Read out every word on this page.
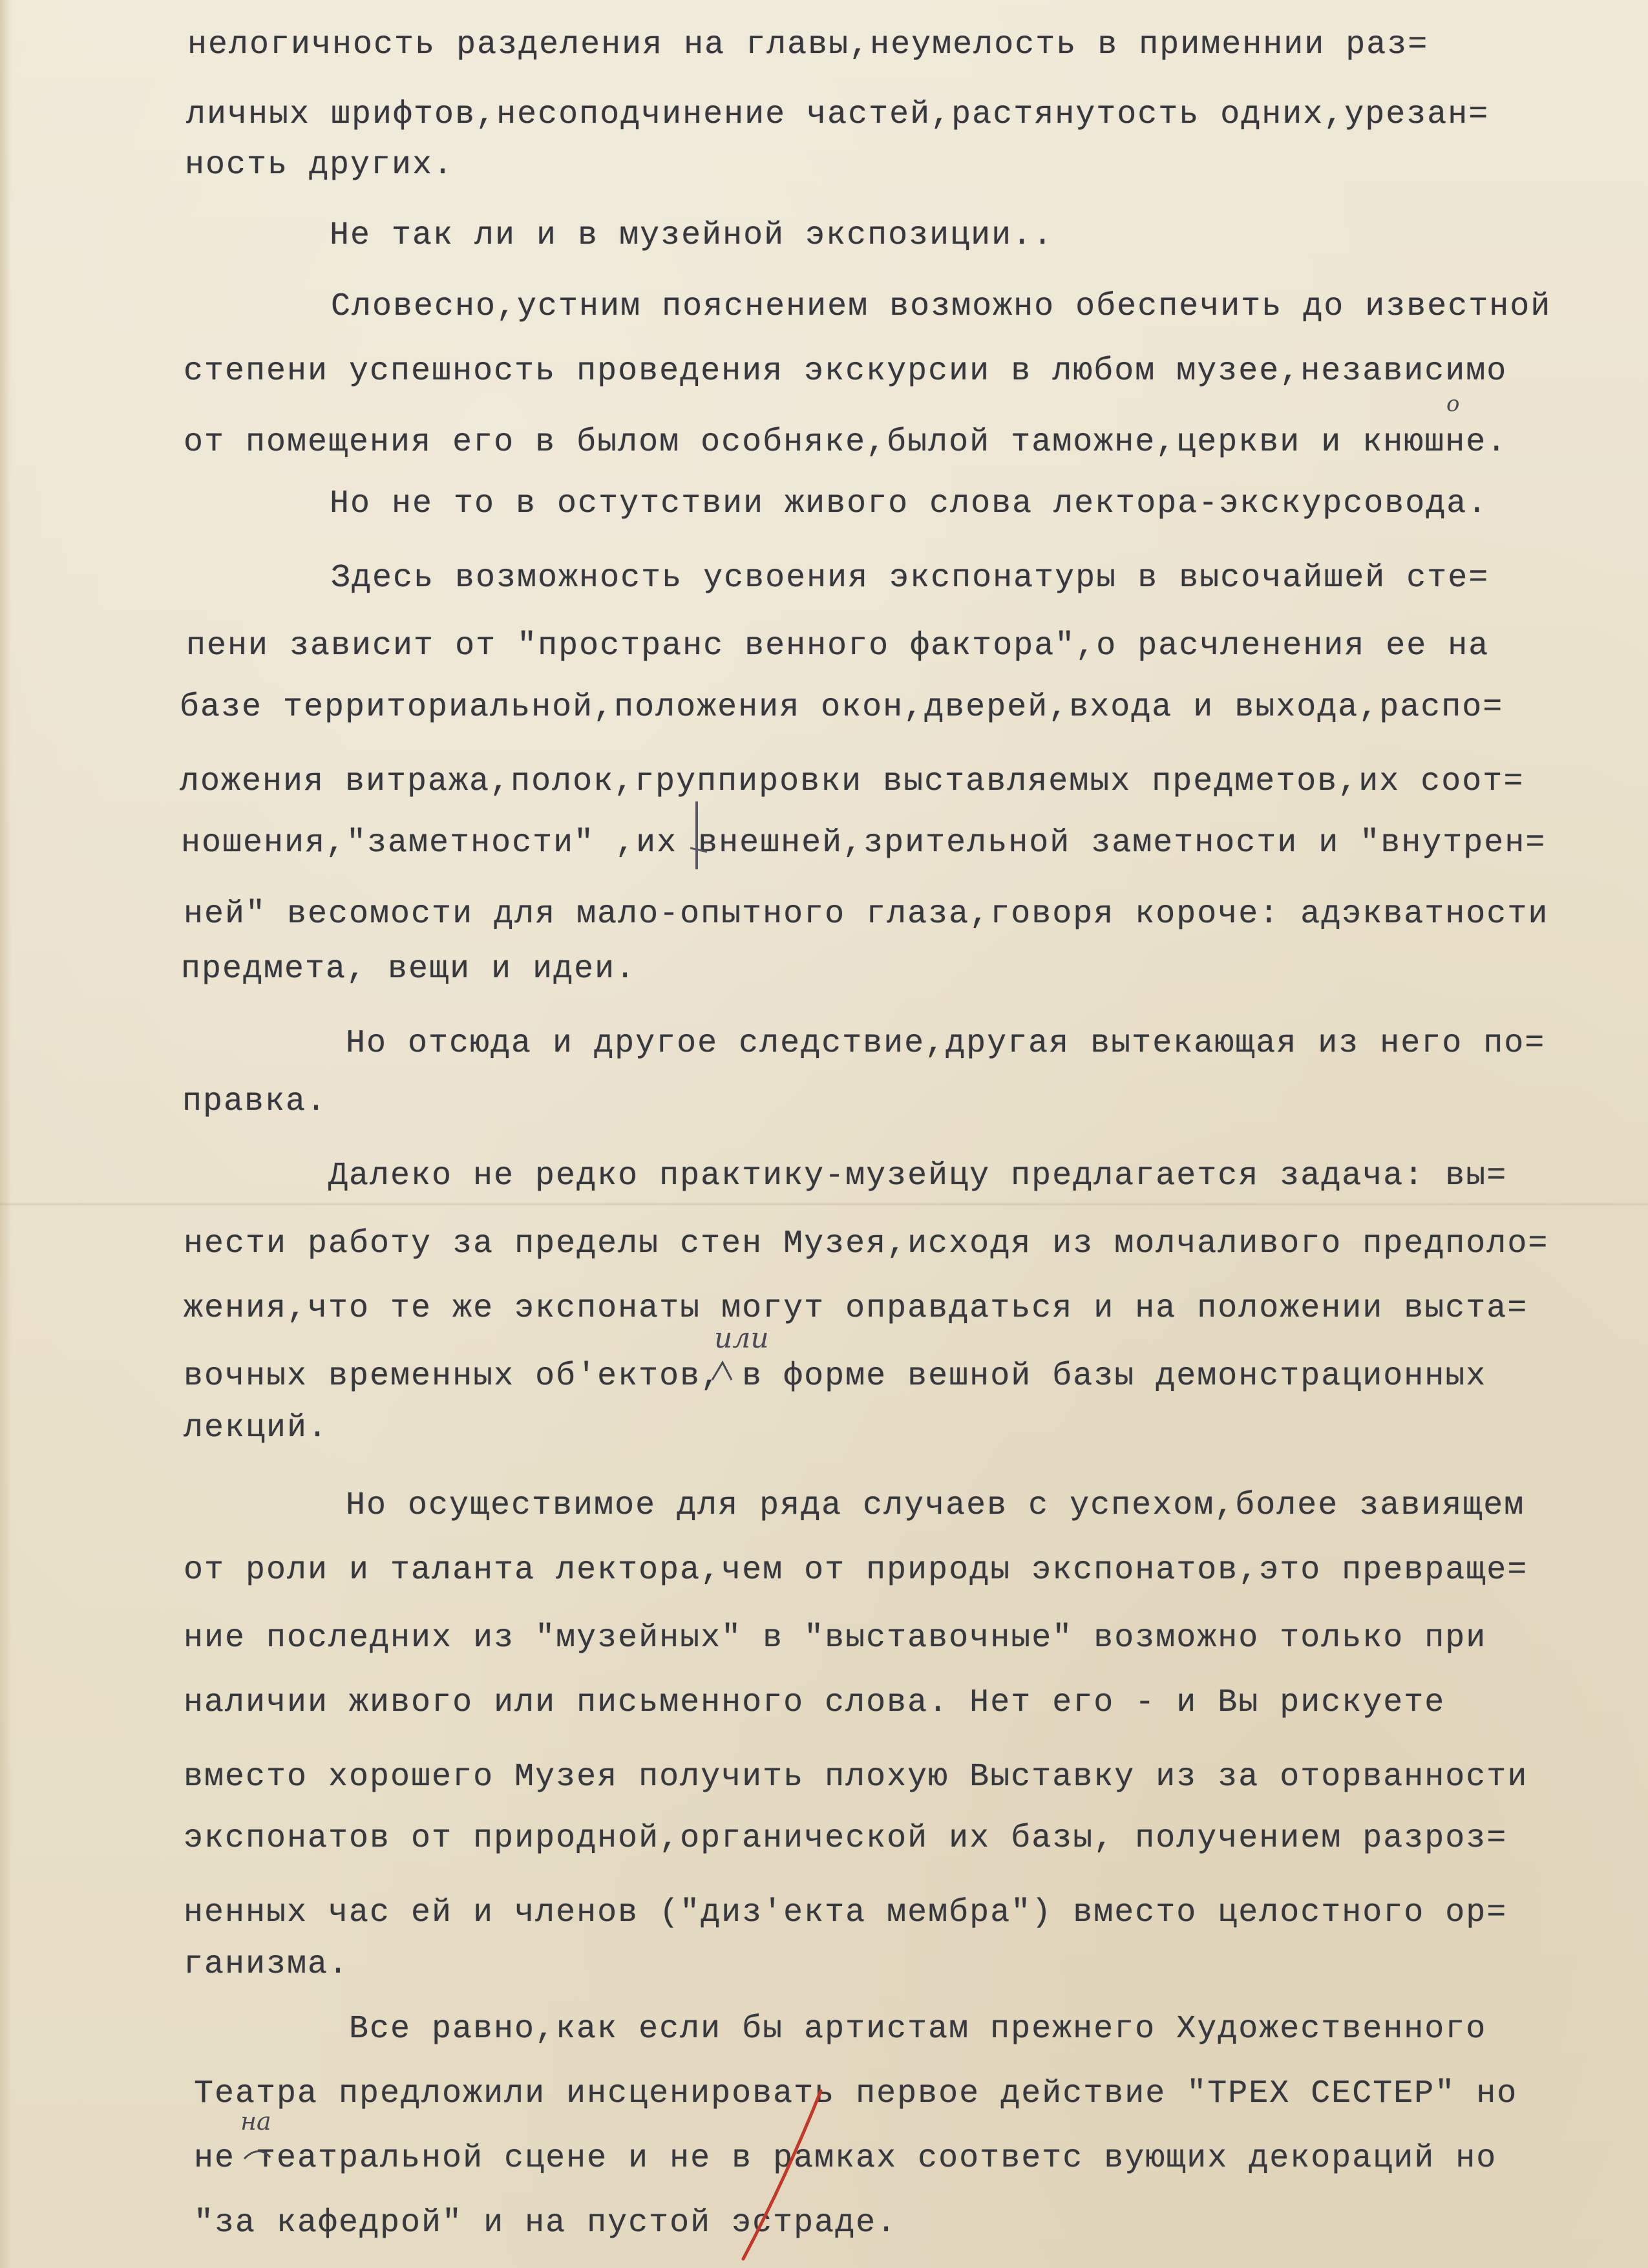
нелогичность разделения на главы,неумелость в применнии раз=
личных шрифтов,несоподчинение частей,растянутость одних,урезан=
ность других.
Не так ли и в музейной экспозиции..
Словесно,устним пояснением возможно обеспечить до известной
степени успешность проведения экскурсии в любом музее,независимо
от помещения его в былом особняке,былой таможне,церкви и кнюшне.
Но не то в остутствии живого слова лектора-экскурсовода.
Здесь возможность усвоения экспонатуры в высочайшей сте=
пени зависит от "пространс венного фактора",о расчленения ее на
базе территориальной,положения окон,дверей,входа и выхода,распо=
ложения витража,полок,группировки выставляемых предметов,их соот=
ношения,"заметности" ,их внешней,зрительной заметности и "внутрен=
ней" весомости для мало-опытного глаза,говоря короче: адэкватности
предмета, вещи и идеи.
Но отсюда и другое следствие,другая вытекающая из него по=
правка.
Далеко не редко практику-музейцу предлагается задача: вы=
нести работу за пределы стен Музея,исходя из молчаливого предполо=
жения,что те же экспонаты могут оправдаться и на положении выста=
вочных временных об'ектов, в форме вешной базы демонстрационных
лекций.
Но осуществимое для ряда случаев с успехом,более завиящем
от роли и таланта лектора,чем от природы экспонатов,это превраще=
ние последних из "музейных" в "выставочные" возможно только при
наличии живого или письменного слова. Нет его - и Вы рискуете
вместо хорошего Музея получить плохую Выставку из за оторванности
экспонатов от природной,органической их базы, получением разроз=
ненных час ей и членов ("диз'екта мембра") вместо целостного ор=
ганизма.
Все равно,как если бы артистам прежнего Художественного
Театра предложили инсценировать первое действие "ТРЕХ СЕСТЕР" но
не театральной сцене и не в рамках соответс вующих декораций но
"за кафедрой" и на пустой эстраде.
или
на
о
